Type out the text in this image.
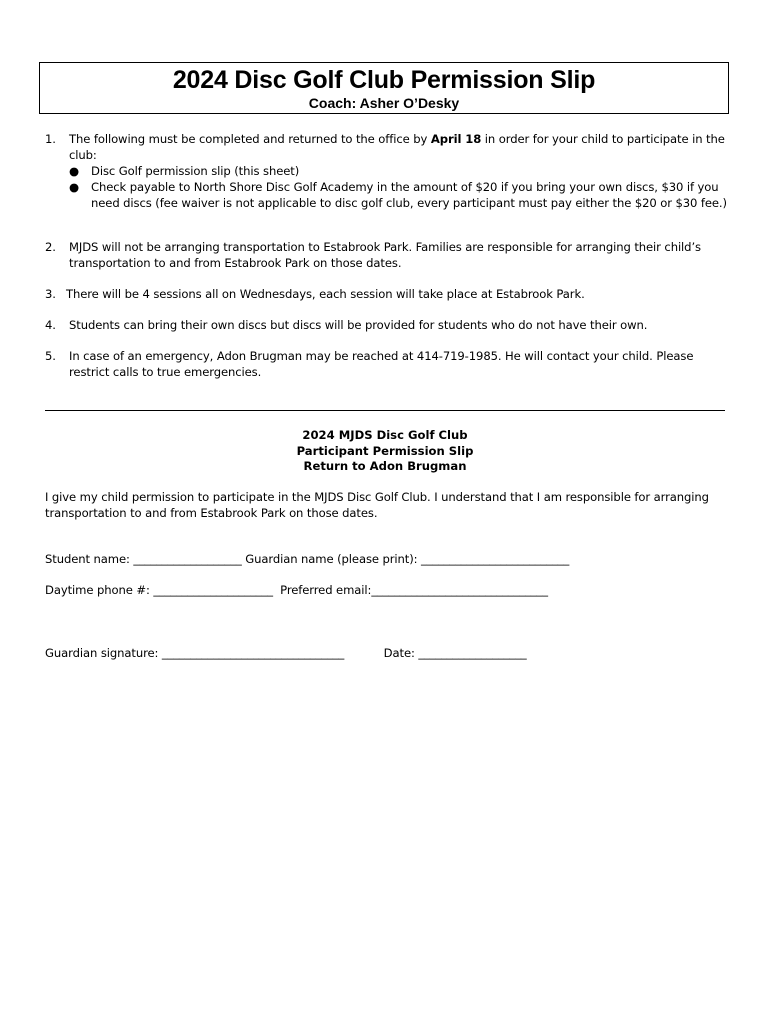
2024 Disc Golf Club Permission Slip
Coach: Asher O’Desky
1. The following must be completed and returned to the office by April 18 in order for your child to participate in the club:
● Disc Golf permission slip (this sheet)
● Check payable to North Shore Disc Golf Academy in the amount of $20 if you bring your own discs, $30 if you need discs (fee waiver is not applicable to disc golf club, every participant must pay either the $20 or $30 fee.)
2. MJDS will not be arranging transportation to Estabrook Park. Families are responsible for arranging their child’s transportation to and from Estabrook Park on those dates.
3. There will be 4 sessions all on Wednesdays, each session will take place at Estabrook Park.
4. Students can bring their own discs but discs will be provided for students who do not have their own.
5. In case of an emergency, Adon Brugman may be reached at 414-719-1985. He will contact your child. Please restrict calls to true emergencies.
2024 MJDS Disc Golf Club
Participant Permission Slip
Return to Adon Brugman
I give my child permission to participate in the MJDS Disc Golf Club. I understand that I am responsible for arranging transportation to and from Estabrook Park on those dates.
Student name: ___________________ Guardian name (please print): __________________________
Daytime phone #: _____________________  Preferred email:_______________________________
Guardian signature: ________________________________           Date: ___________________
